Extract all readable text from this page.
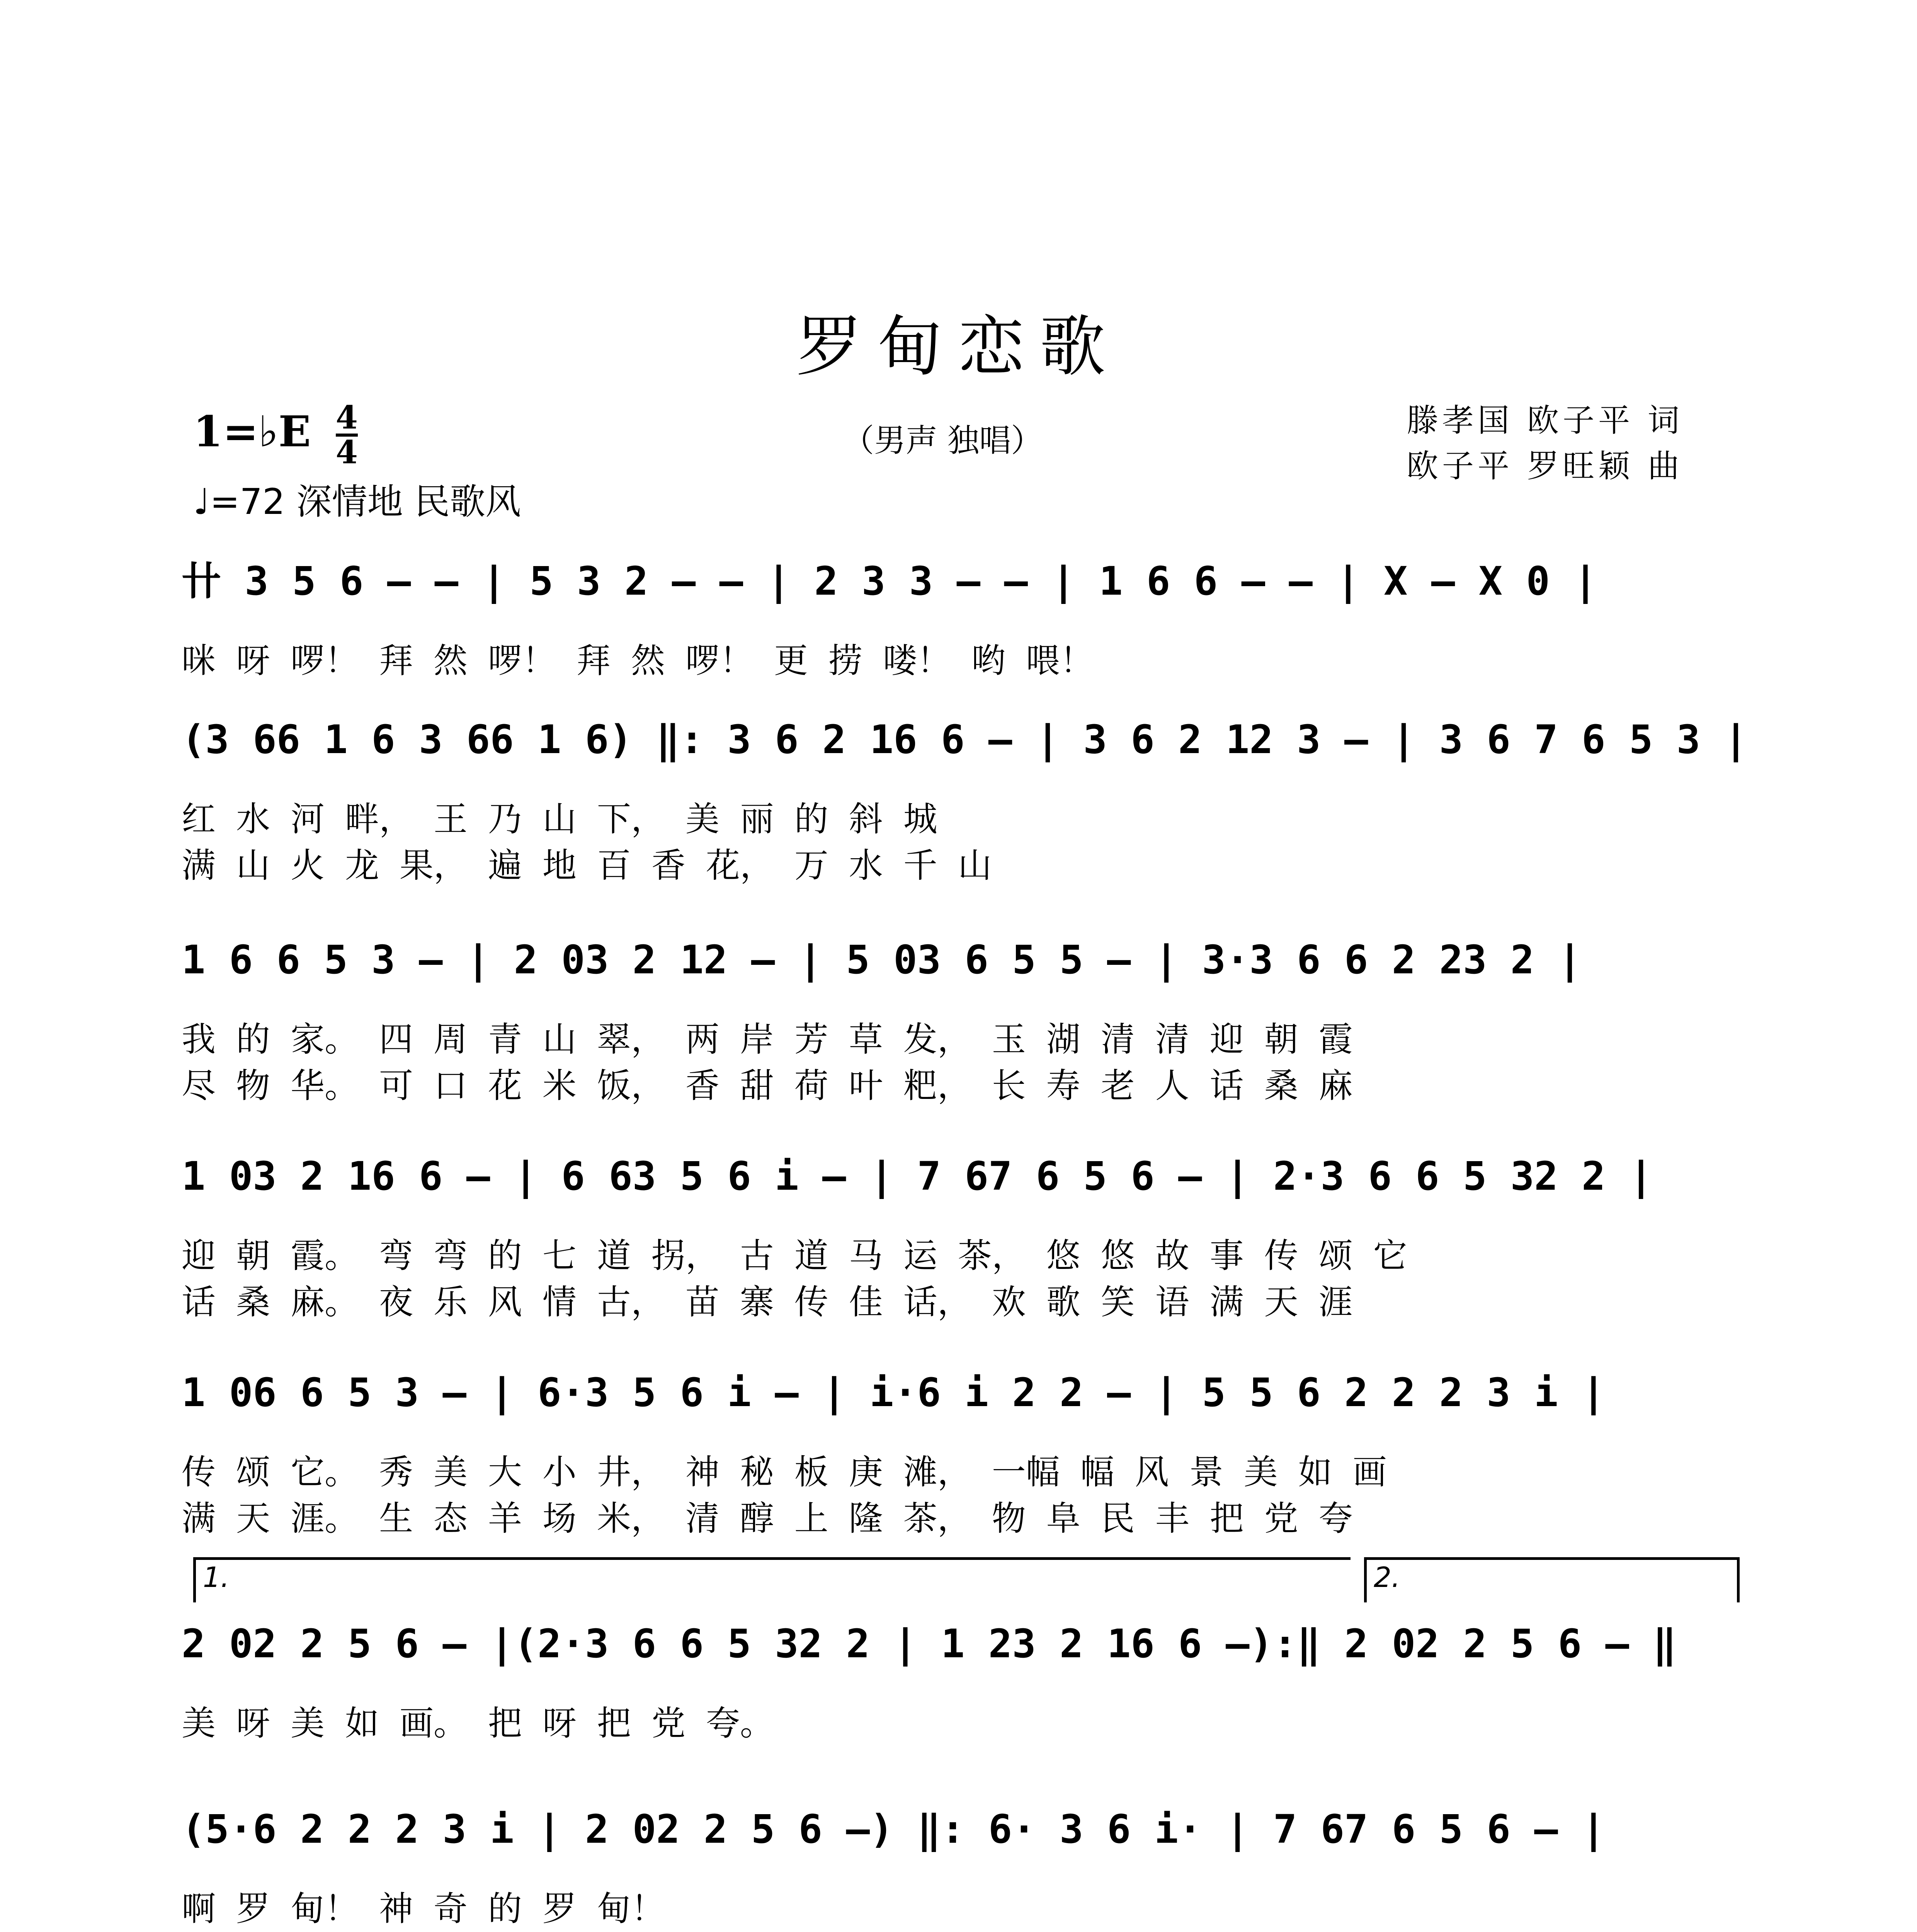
罗甸恋歌
1=♭E $\frac{4}{4}$
♩=72 深情地 民歌风
（男声 独唱）
滕孝国 欧子平 词
欧子平 罗旺颖 曲
卄 3 5 6 – – | 5 3 2 – – | 2 3 3 – – | 1 6 6 – – | X – X 0 |
咪 呀 啰！ 拜 然 啰！ 拜 然 啰！ 更 捞 喽！ 哟 喂！
(3 66 1 6 3 66 1 6) ‖: 3 6 2 16 6 – | 3 6 2 12 3 – | 3 6 7 6 5 3 |
红 水 河 畔， 王 乃 山 下， 美 丽 的 斜 城
满 山 火 龙 果， 遍 地 百 香 花， 万 水 千 山
1 6 6 5 3 – | 2 03 2 12 – | 5 03 6 5 5 – | 3·3 6 6 2 23 2 |
我 的 家。 四 周 青 山 翠， 两 岸 芳 草 发， 玉 湖 清 清 迎 朝 霞
尽 物 华。 可 口 花 米 饭， 香 甜 荷 叶 粑， 长 寿 老 人 话 桑 麻
1 03 2 16 6 – | 6 63 5 6 i – | 7 67 6 5 6 – | 2·3 6 6 5 32 2 |
迎 朝 霞。 弯 弯 的 七 道 拐， 古 道 马 运 茶， 悠 悠 故 事 传 颂 它
话 桑 麻。 夜 乐 风 情 古， 苗 寨 传 佳 话， 欢 歌 笑 语 满 天 涯
1 06 6 5 3 – | 6·3 5 6 i – | i·6 i 2 2 – | 5 5 6 2 2 2 3 i |
传 颂 它。 秀 美 大 小 井， 神 秘 板 庚 滩， 一幅 幅 风 景 美 如 画
满 天 涯。 生 态 羊 场 米， 清 醇 上 隆 茶， 物 阜 民 丰 把 党 夸
1.	2.
2 02 2 5 6 – |(2·3 6 6 5 32 2 | 1 23 2 16 6 –):‖ 2 02 2 5 6 – ‖
美 呀 美 如 画。 把 呀 把 党 夸。
(5·6 2 2 2 3 i | 2 02 2 5 6 –) ‖: 6· 3 6 i· | 7 67 6 5 6 – |
啊 罗 甸！ 神 奇 的 罗 甸！
